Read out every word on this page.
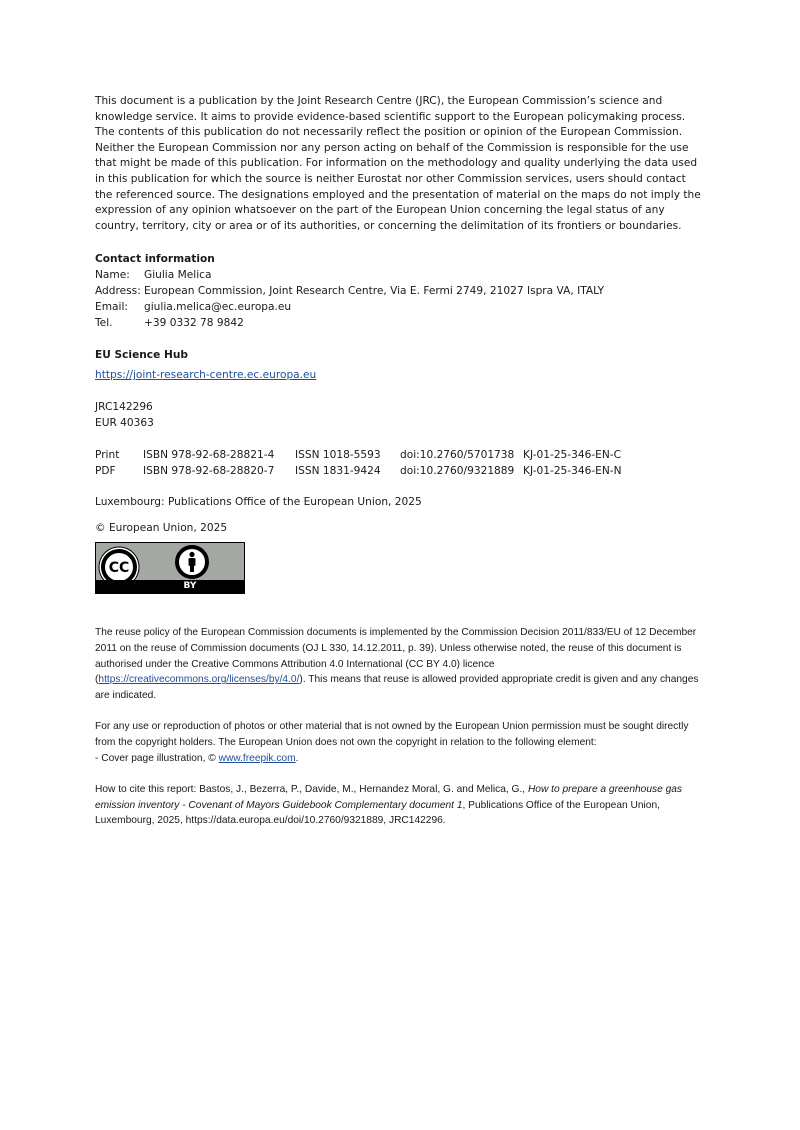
This document is a publication by the Joint Research Centre (JRC), the European Commission’s science and knowledge service. It aims to provide evidence-based scientific support to the European policymaking process. The contents of this publication do not necessarily reflect the position or opinion of the European Commission. Neither the European Commission nor any person acting on behalf of the Commission is responsible for the use that might be made of this publication. For information on the methodology and quality underlying the data used in this publication for which the source is neither Eurostat nor other Commission services, users should contact the referenced source. The designations employed and the presentation of material on the maps do not imply the expression of any opinion whatsoever on the part of the European Union concerning the legal status of any country, territory, city or area or of its authorities, or concerning the delimitation of its frontiers or boundaries.

Contact information

Name:	Giulia Melica
Address: European Commission, Joint Research Centre, Via E. Fermi 2749, 21027 Ispra VA, ITALY
Email:	giulia.melica@ec.europa.eu
Tel.	+39 0332 78 9842

EU Science Hub

https://joint-research-centre.ec.europa.eu
JRC142296
EUR 40363
Print	ISBN 978-92-68-28821-4	ISSN 1018-5593	doi:10.2760/5701738 KJ-01-25-346-EN-C
PDF	ISBN 978-92-68-28820-7	ISSN 1831-9424	doi:10.2760/9321889 KJ-01-25-346-EN-N
Luxembourg: Publications Office of the European Union, 2025
© European Union, 2025
CC
BY

The reuse policy of the European Commission documents is implemented by the Commission Decision 2011/833/EU of 12 December 2011 on the reuse of Commission documents (OJ L 330, 14.12.2011, p. 39). Unless otherwise noted, the reuse of this document is authorised under the Creative Commons Attribution 4.0 International (CC BY 4.0) licence (https://creativecommons.org/licenses/by/4.0/). This means that reuse is allowed provided appropriate credit is given and any changes are indicated.

For any use or reproduction of photos or other material that is not owned by the European Union permission must be sought directly from the copyright holders. The European Union does not own the copyright in relation to the following element:
- Cover page illustration, © www.freepik.com.

How to cite this report: Bastos, J., Bezerra, P., Davide, M., Hernandez Moral, G. and Melica, G., How to prepare a greenhouse gas emission inventory - Covenant of Mayors Guidebook Complementary document 1, Publications Office of the European Union, Luxembourg, 2025, https://data.europa.eu/doi/10.2760/9321889, JRC142296.
